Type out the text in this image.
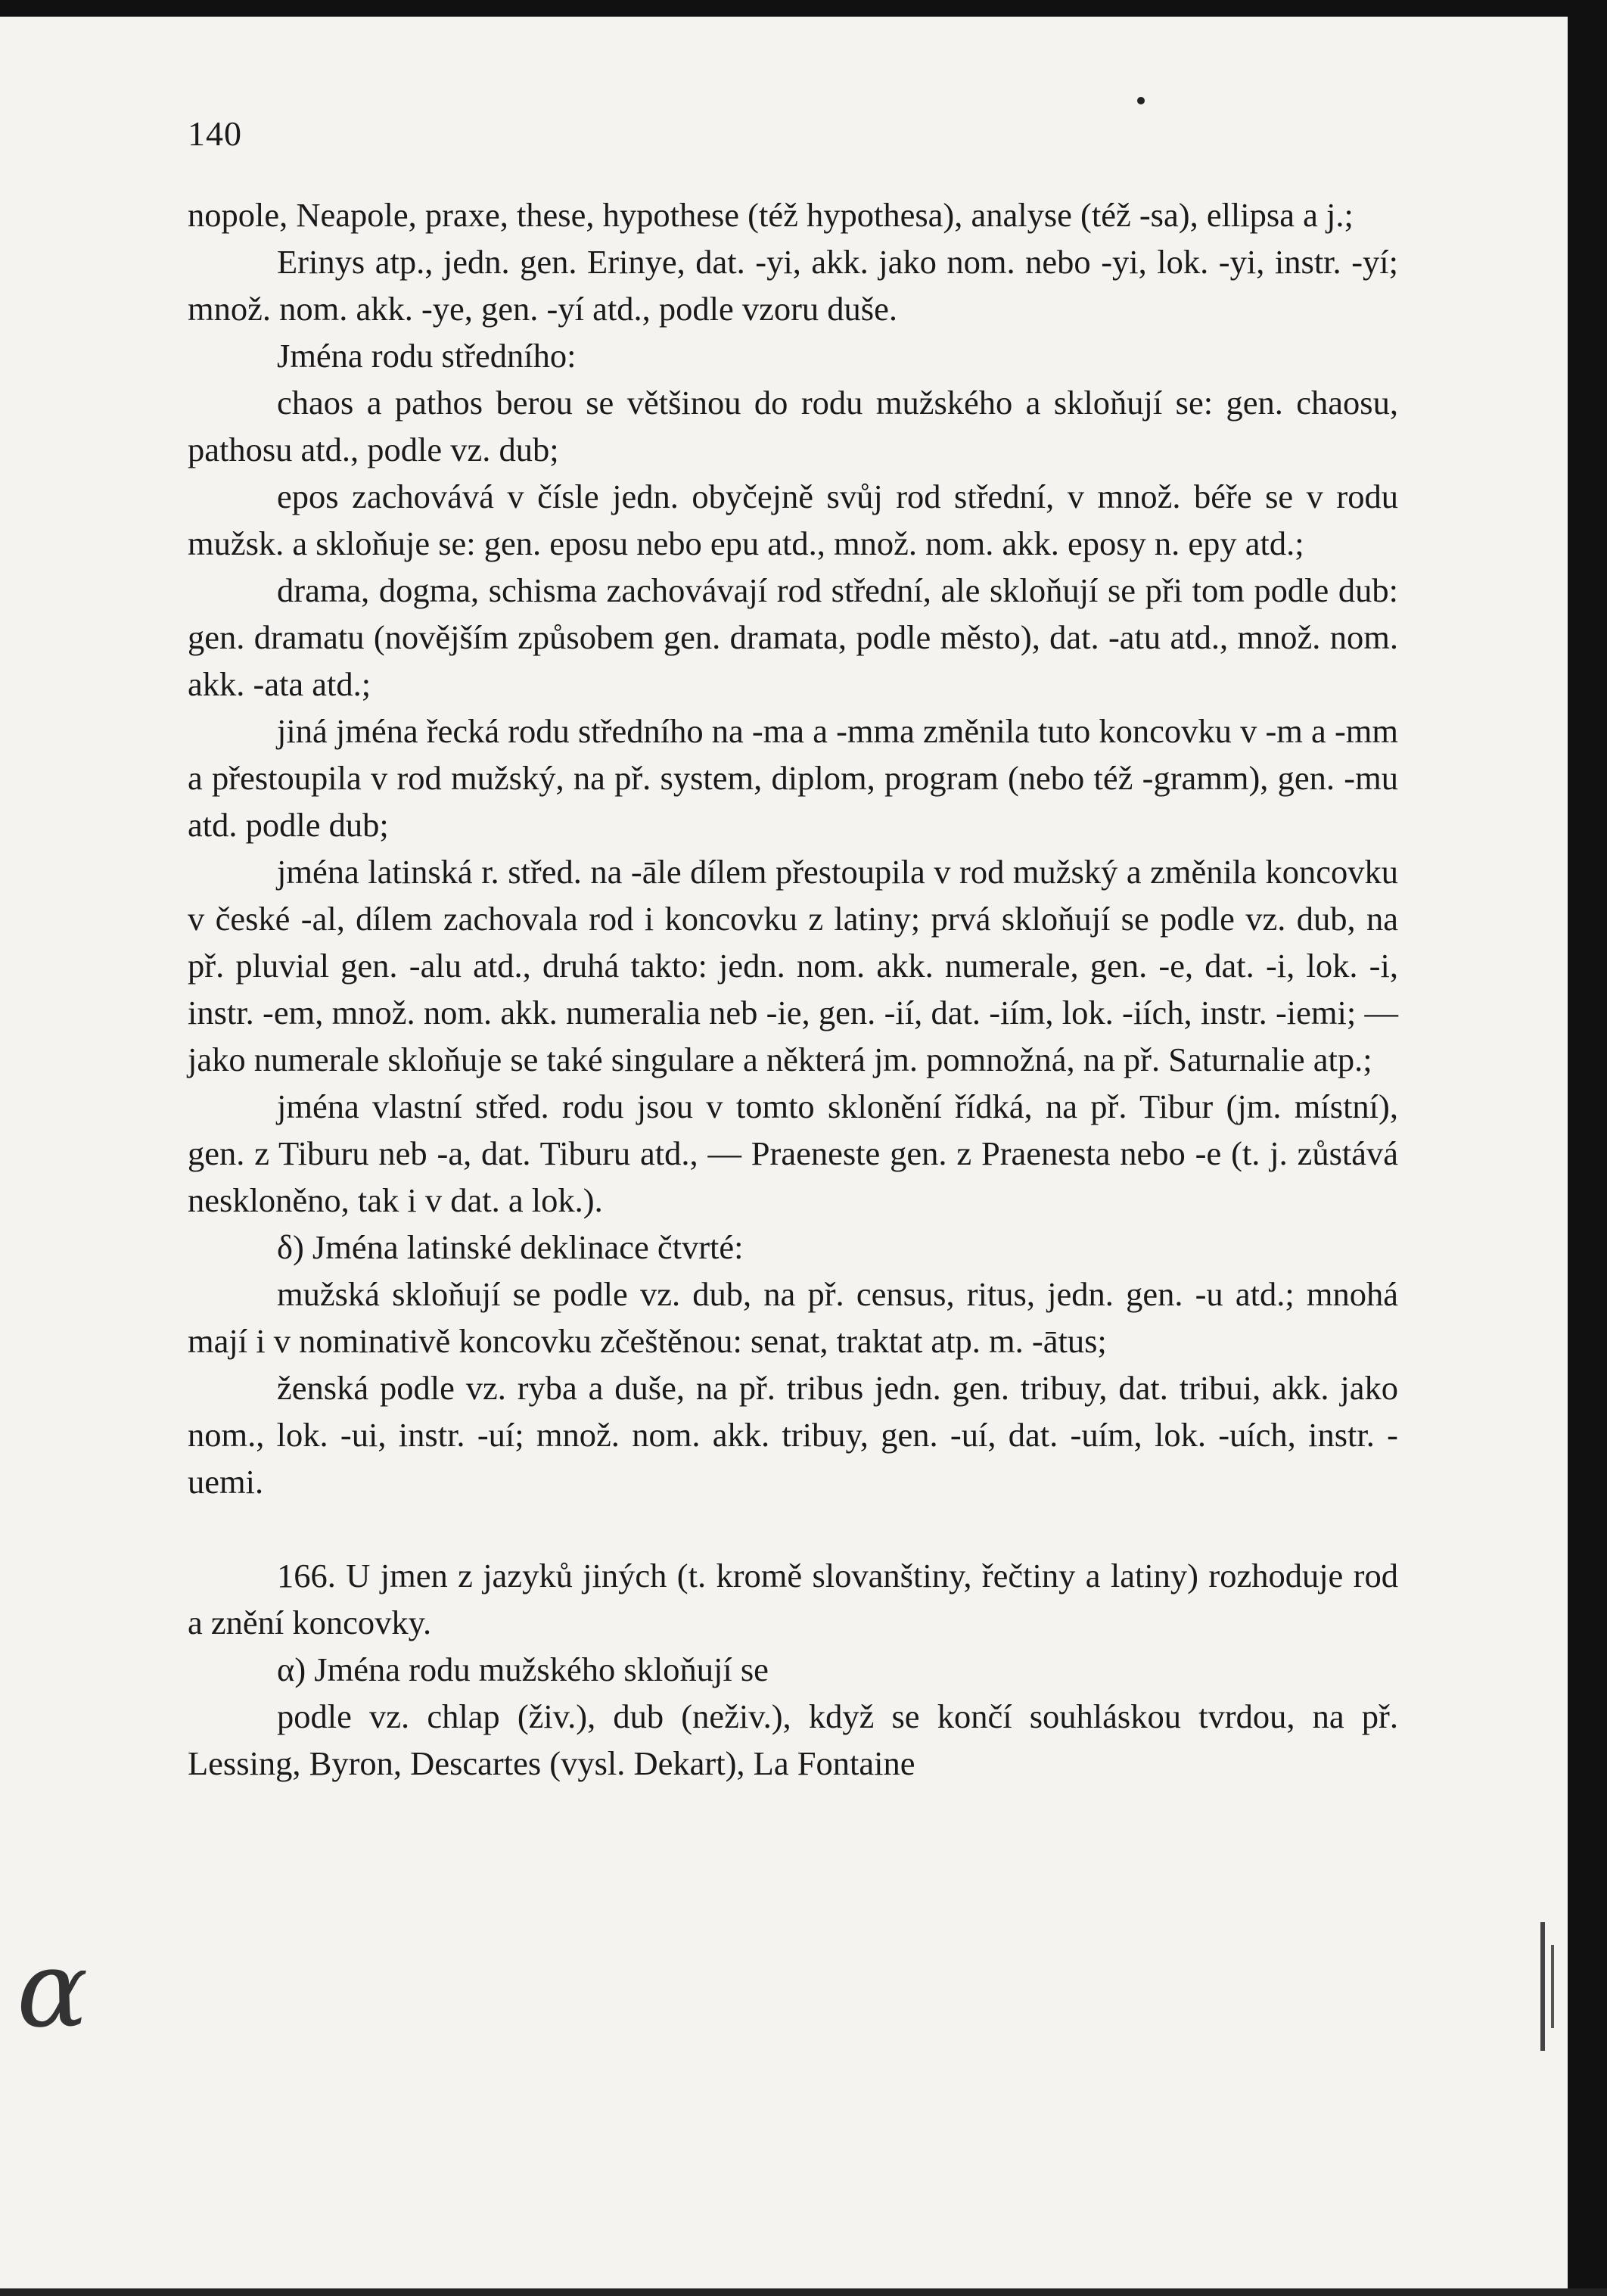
α
140

nopole, Neapole, praxe, these, hypothese (též hypothesa), analyse (též -sa), ellipsa a j.;

Erinys atp., jedn. gen. Erinye, dat. -yi, akk. jako nom. nebo -yi, lok. -yi, instr. -yí; množ. nom. akk. -ye, gen. -yí atd., podle vzoru duše.

Jména rodu středního:

chaos a pathos berou se většinou do rodu mužského a skloňují se: gen. chaosu, pathosu atd., podle vz. dub;

epos zachovává v čísle jedn. obyčejně svůj rod střední, v množ. béře se v rodu mužsk. a skloňuje se: gen. eposu nebo epu atd., množ. nom. akk. eposy n. epy atd.;

drama, dogma, schisma zachovávají rod střední, ale skloňují se při tom podle dub: gen. dramatu (novějším způsobem gen. dramata, podle město), dat. -atu atd., množ. nom. akk. -ata atd.;

jiná jména řecká rodu středního na -ma a -mma změnila tuto koncovku v -m a -mm a přestoupila v rod mužský, na př. system, diplom, program (nebo též -gramm), gen. -mu atd. podle dub;

jména latinská r. střed. na -āle dílem přestoupila v rod mužský a změnila koncovku v české -al, dílem zachovala rod i koncovku z latiny; prvá skloňují se podle vz. dub, na př. pluvial gen. -alu atd., druhá takto: jedn. nom. akk. numerale, gen. -e, dat. -i, lok. -i, instr. -em, množ. nom. akk. numeralia neb -ie, gen. -ií, dat. -iím, lok. -iích, instr. -iemi; — jako numerale skloňuje se také singulare a některá jm. pomnožná, na př. Saturnalie atp.;

jména vlastní střed. rodu jsou v tomto sklonění řídká, na př. Tibur (jm. místní), gen. z Tiburu neb -a, dat. Tiburu atd., — Praeneste gen. z Praenesta nebo -e (t. j. zůstává neskloněno, tak i v dat. a lok.).

δ) Jména latinské deklinace čtvrté:

mužská skloňují se podle vz. dub, na př. census, ritus, jedn. gen. -u atd.; mnohá mají i v nominativě koncovku zčeštěnou: senat, traktat atp. m. -ātus;

ženská podle vz. ryba a duše, na př. tribus jedn. gen. tribuy, dat. tribui, akk. jako nom., lok. -ui, instr. -uí; množ. nom. akk. tribuy, gen. -uí, dat. -uím, lok. -uích, instr. -uemi.

166. U jmen z jazyků jiných (t. kromě slovanštiny, řečtiny a latiny) rozhoduje rod a znění koncovky.

α) Jména rodu mužského skloňují se

podle vz. chlap (živ.), dub (neživ.), když se končí souhláskou tvrdou, na př. Lessing, Byron, Descartes (vysl. Dekart), La Fontaine
